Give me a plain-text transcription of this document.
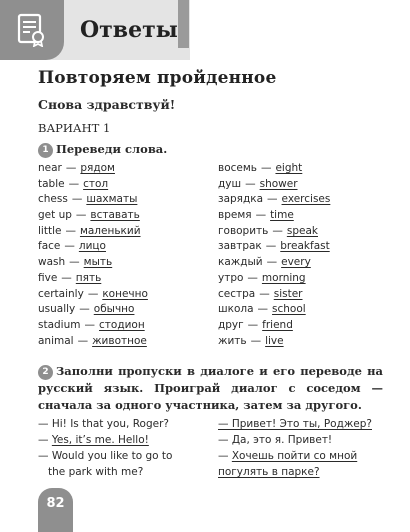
Ответы
Повторяем пройденное
Снова здравствуй!
ВАРИАНТ 1
1 Переведи слова.
near — рядом
table — стол
chess — шахматы
get up — вставать
little — маленький
face — лицо
wash — мыть
five — пять
certainly — конечно
usually — обычно
stadium — стодион
animal — животное
восемь — eight
душ — shower
зарядка — exercises
время — time
говорить — speak
завтрак — breakfast
каждый — every
утро — morning
сестра — sister
школа — school
друг — friend
жить — live
2 Заполни пропуски в диалоге и его переводе на русский язык. Проиграй диалог с соседом — сначала за одного участника, затем за другого.
— Hi! Is that you, Roger?
— Yes, it’s me. Hello!
— Would you like to go to
the park with me?
— Привет! Это ты, Роджер?
— Да, это я. Привет!
— Хочешь пойти со мной
погулять в парке?
82
